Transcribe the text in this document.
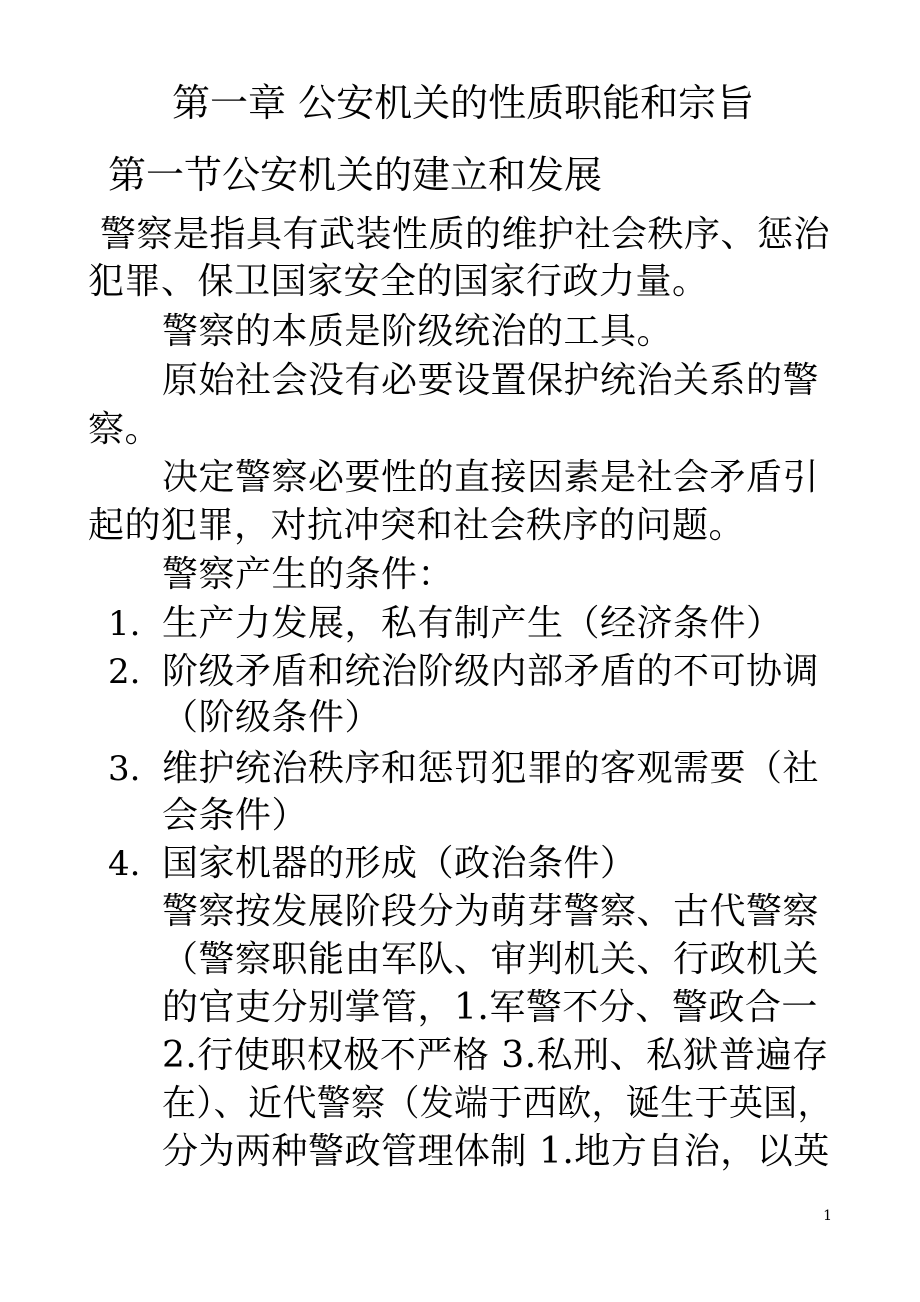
第一章 公安机关的性质职能和宗旨
第一节公安机关的建立和发展
警察是指具有武装性质的维护社会秩序、惩治
犯罪、保卫国家安全的国家行政力量。
警察的本质是阶级统治的工具。
原始社会没有必要设置保护统治关系的警
察。
决定警察必要性的直接因素是社会矛盾引
起的犯罪，对抗冲突和社会秩序的问题。
警察产生的条件：
1. 生产力发展，私有制产生（经济条件）
2. 阶级矛盾和统治阶级内部矛盾的不可协调
（阶级条件）
3. 维护统治秩序和惩罚犯罪的客观需要（社
会条件）
4. 国家机器的形成（政治条件）
警察按发展阶段分为萌芽警察、古代警察
（警察职能由军队、审判机关、行政机关
的官吏分别掌管，1.军警不分、警政合一
2.行使职权极不严格 3.私刑、私狱普遍存
在）、近代警察（发端于西欧，诞生于英国，
分为两种警政管理体制 1.地方自治，以英
1
